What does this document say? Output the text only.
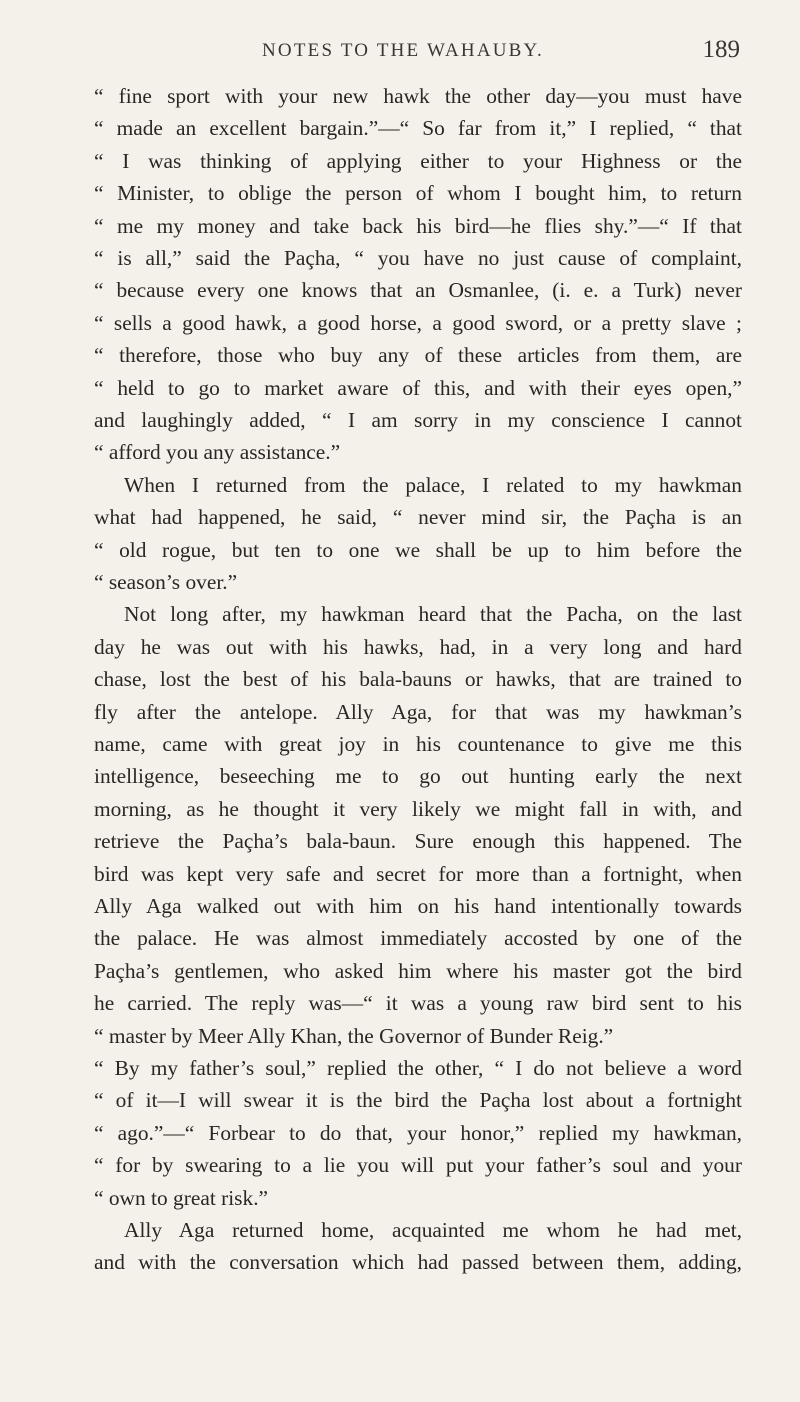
NOTES TO THE WAHAUBY.	189
“ fine sport with your new hawk the other day—you must have
“ made an excellent bargain.”—“ So far from it,” I replied, “ that
“ I was thinking of applying either to your Highness or the
“ Minister, to oblige the person of whom I bought him, to return
“ me my money and take back his bird—he flies shy.”—“ If that
“ is all,” said the Paçha, “ you have no just cause of complaint,
“ because every one knows that an Osmanlee, (i. e. a Turk) never
“ sells a good hawk, a good horse, a good sword, or a pretty slave ;
“ therefore, those who buy any of these articles from them, are
“ held to go to market aware of this, and with their eyes open,”
and laughingly added, “ I am sorry in my conscience I cannot
“ afford you any assistance.”
When I returned from the palace, I related to my hawkman
what had happened, he said, “ never mind sir, the Paçha is an
“ old rogue, but ten to one we shall be up to him before the
“ season’s over.”
Not long after, my hawkman heard that the Pacha, on the last
day he was out with his hawks, had, in a very long and hard
chase, lost the best of his bala-bauns or hawks, that are trained to
fly after the antelope. Ally Aga, for that was my hawkman’s
name, came with great joy in his countenance to give me this
intelligence, beseeching me to go out hunting early the next
morning, as he thought it very likely we might fall in with, and
retrieve the Paçha’s bala-baun. Sure enough this happened. The
bird was kept very safe and secret for more than a fortnight, when
Ally Aga walked out with him on his hand intentionally towards
the palace. He was almost immediately accosted by one of the
Paçha’s gentlemen, who asked him where his master got the bird
he carried. The reply was—“ it was a young raw bird sent to his
“ master by Meer Ally Khan, the Governor of Bunder Reig.”
“ By my father’s soul,” replied the other, “ I do not believe a word
“ of it—I will swear it is the bird the Paçha lost about a fortnight
“ ago.”—“ Forbear to do that, your honor,” replied my hawkman,
“ for by swearing to a lie you will put your father’s soul and your
“ own to great risk.”
Ally Aga returned home, acquainted me whom he had met,
and with the conversation which had passed between them, adding,
